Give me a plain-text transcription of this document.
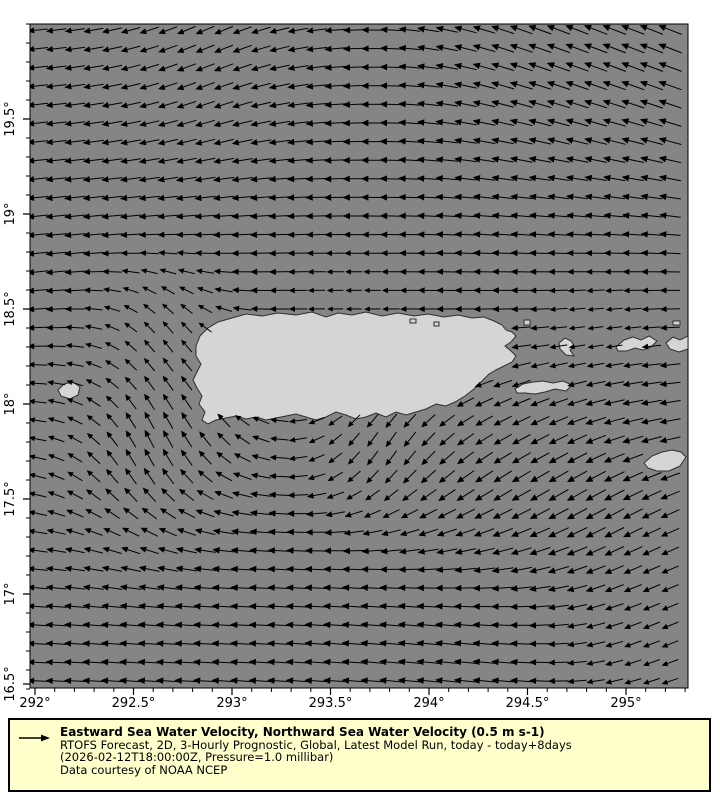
292°	292.5°	293°	293.5°	294°	294.5°	295°
19.5°
19°
18.5°
18°
17.5°
17°
16.5°
Eastward Sea Water Velocity, Northward Sea Water Velocity (0.5 m s-1)
RTOFS Forecast, 2D, 3-Hourly Prognostic, Global, Latest Model Run, today - today+8days
(2026-02-12T18:00:00Z, Pressure=1.0 millibar)
Data courtesy of NOAA NCEP
